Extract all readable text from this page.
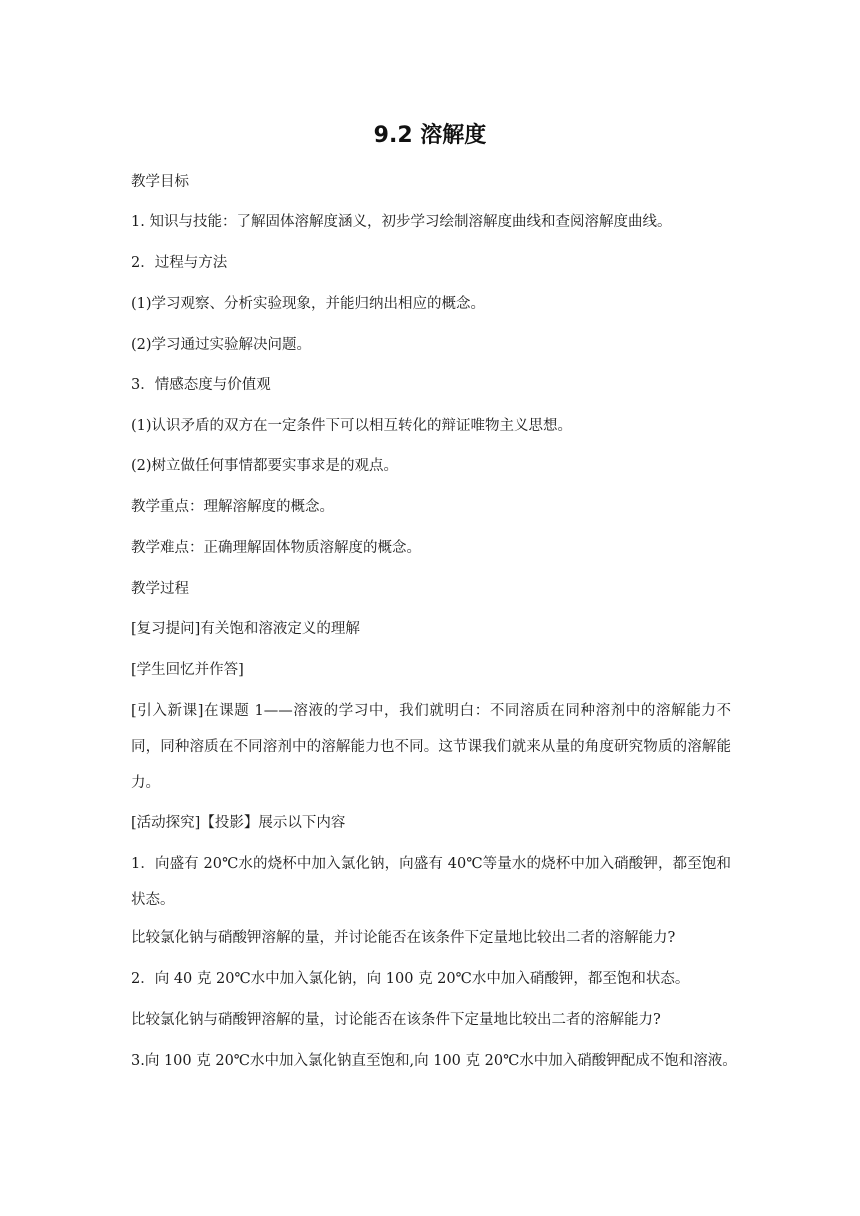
9.2 溶解度
教学目标
1. 知识与技能：了解固体溶解度涵义，初步学习绘制溶解度曲线和查阅溶解度曲线。
2．过程与方法
(1)学习观察、分析实验现象，并能归纳出相应的概念。
(2)学习通过实验解决问题。
3．情感态度与价值观
(1)认识矛盾的双方在一定条件下可以相互转化的辩证唯物主义思想。
(2)树立做任何事情都要实事求是的观点。
教学重点：理解溶解度的概念。
教学难点：正确理解固体物质溶解度的概念。
教学过程
[复习提问]有关饱和溶液定义的理解
[学生回忆并作答]
[引入新课]在课题 1——溶液的学习中，我们就明白：不同溶质在同种溶剂中的溶解能力不同，同种溶质在不同溶剂中的溶解能力也不同。这节课我们就来从量的角度研究物质的溶解能力。
[活动探究]【投影】展示以下内容
1．向盛有 20℃水的烧杯中加入氯化钠，向盛有 40℃等量水的烧杯中加入硝酸钾，都至饱和状态。
比较氯化钠与硝酸钾溶解的量，并讨论能否在该条件下定量地比较出二者的溶解能力?
2．向 40 克 20℃水中加入氯化钠，向 100 克 20℃水中加入硝酸钾，都至饱和状态。
比较氯化钠与硝酸钾溶解的量，讨论能否在该条件下定量地比较出二者的溶解能力?
3.向 100 克 20℃水中加入氯化钠直至饱和,向 100 克 20℃水中加入硝酸钾配成不饱和溶液。
